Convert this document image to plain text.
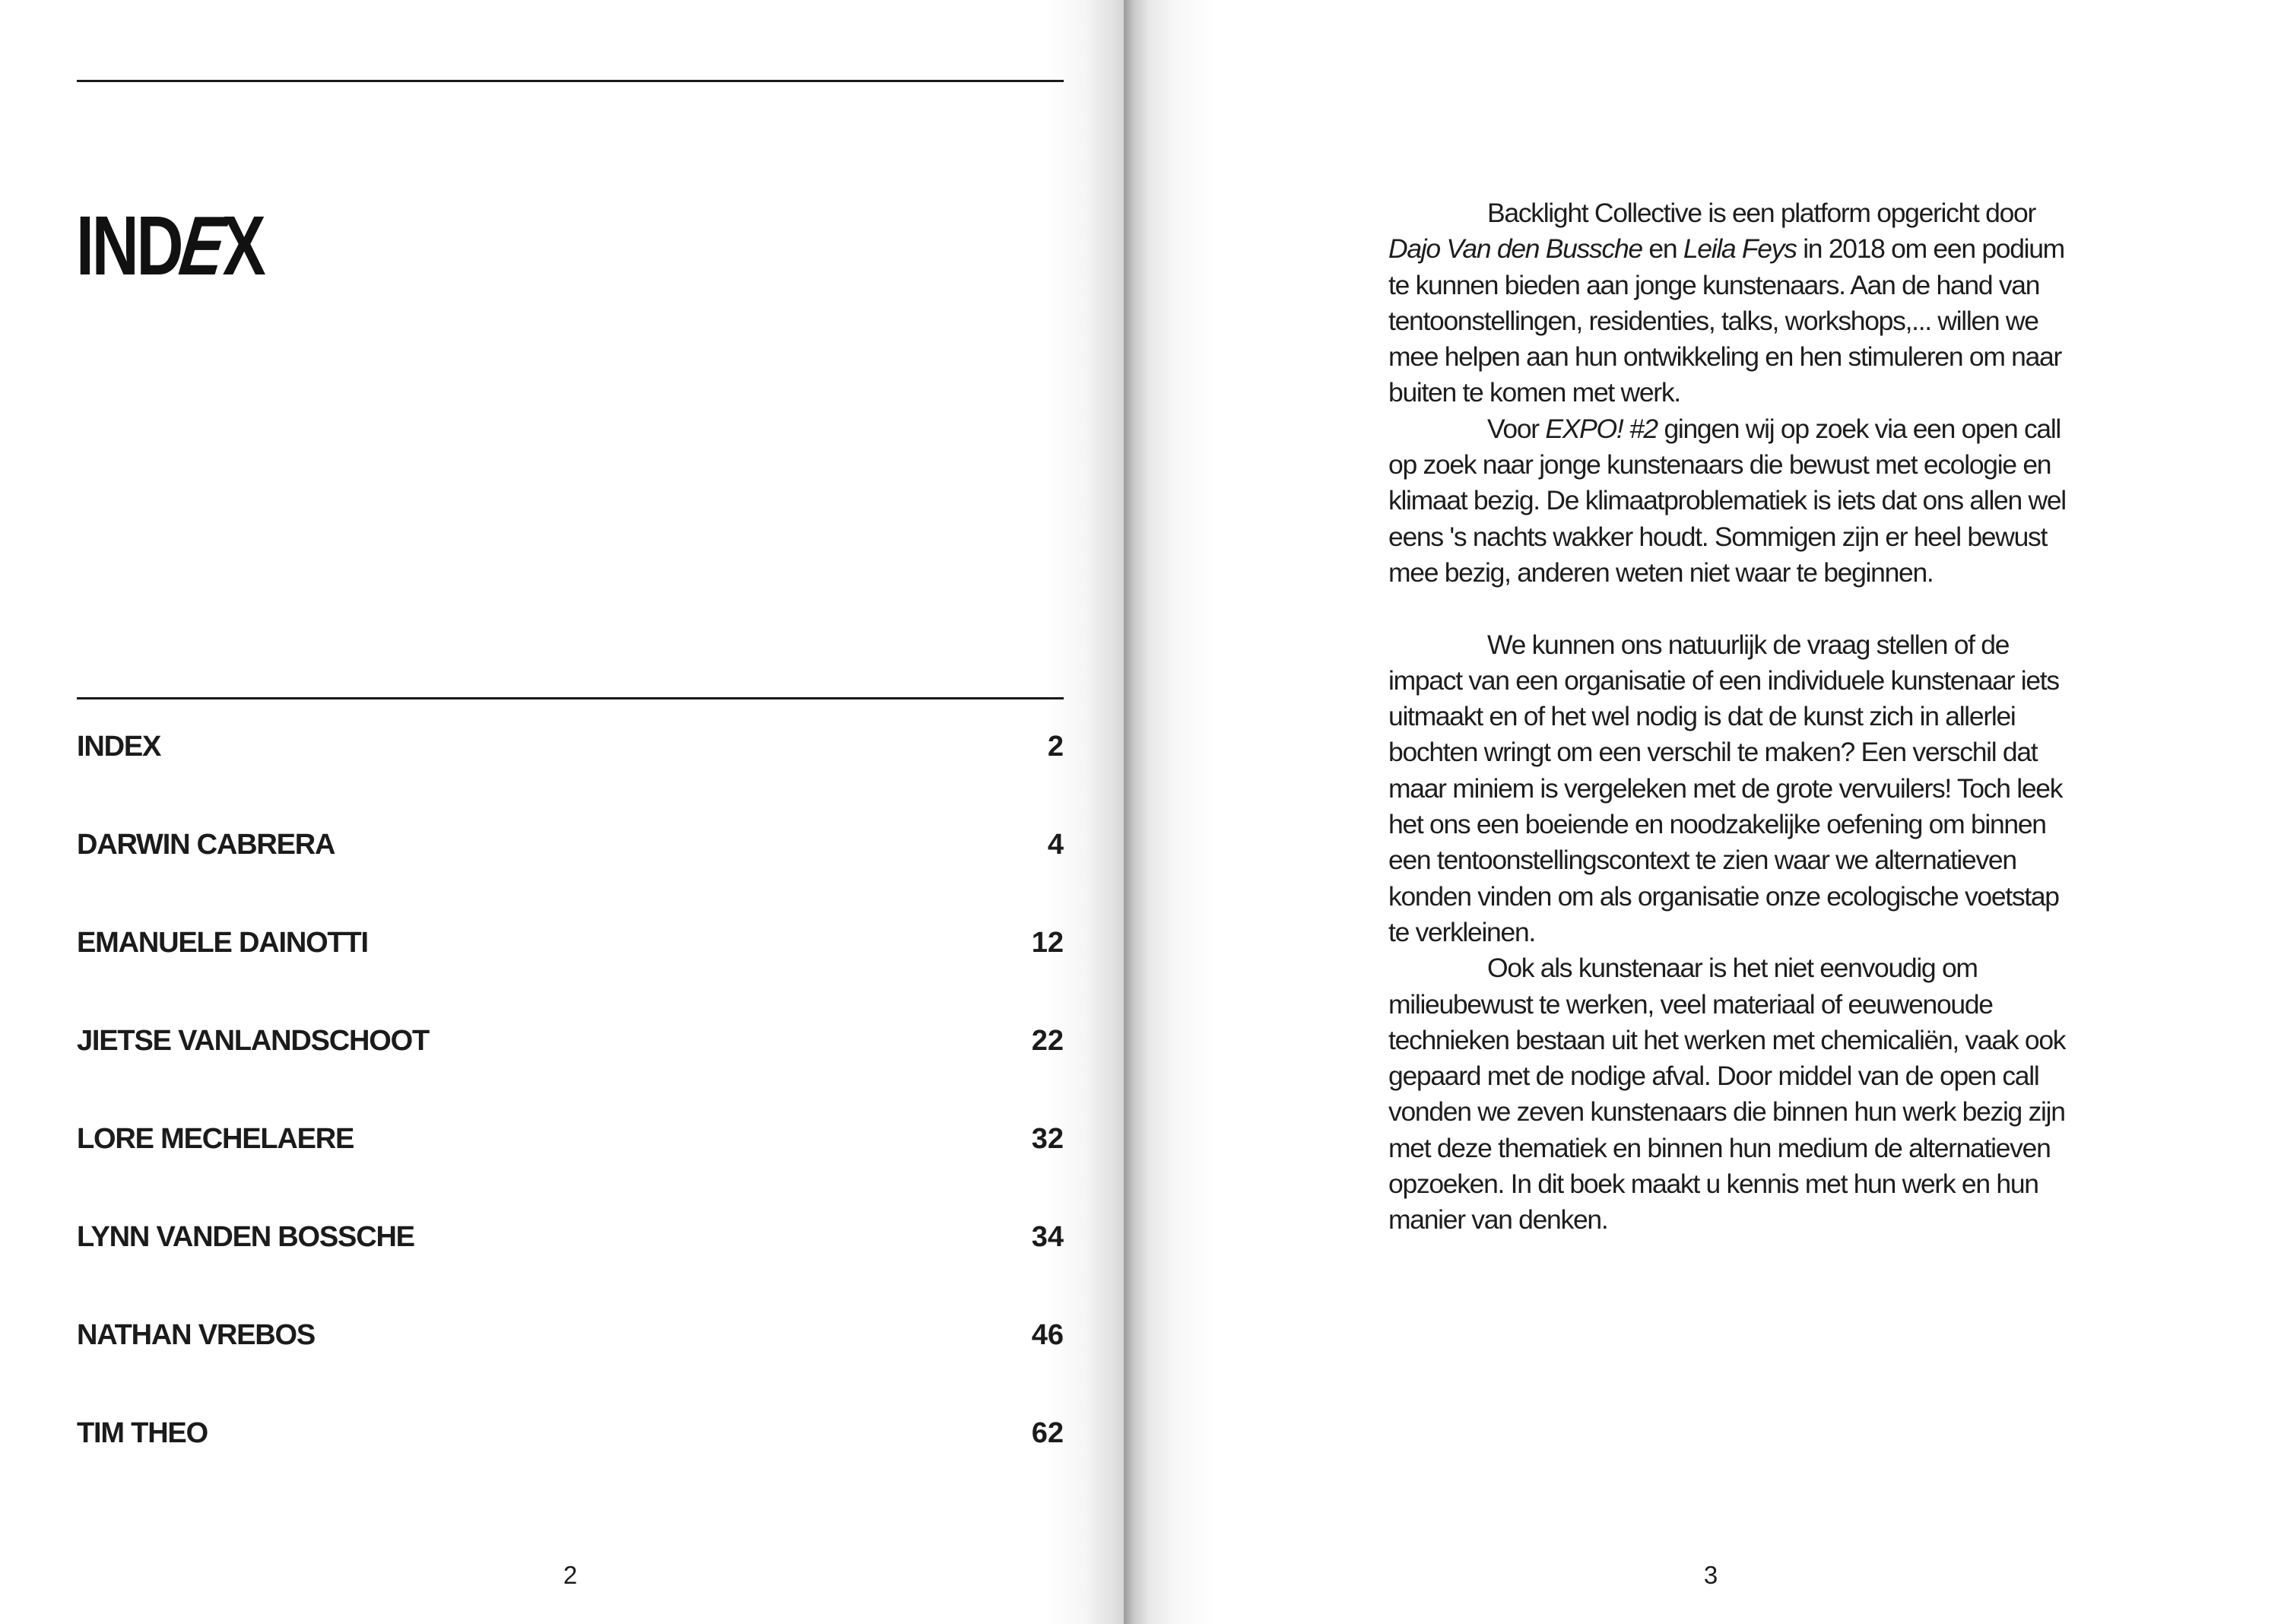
INDEX
INDEX	2
DARWIN CABRERA	4
EMANUELE DAINOTTI	12
JIETSE VANLANDSCHOOT	22
LORE MECHELAERE	32
LYNN VANDEN BOSSCHE	34
NATHAN VREBOS	46
TIM THEO	62
2

Backlight Collective is een platform opgericht door Dajo Van den Bussche en Leila Feys in 2018 om een podium te kunnen bieden aan jonge kunstenaars. Aan de hand van tentoonstellingen, residenties, talks, workshops,... willen we mee helpen aan hun ontwikkeling en hen stimuleren om naar buiten te komen met werk.

Voor EXPO! #2 gingen wij op zoek via een open call op zoek naar jonge kunstenaars die bewust met ecologie en klimaat bezig. De klimaatproblematiek is iets dat ons allen wel eens 's nachts wakker houdt. Sommigen zijn er heel bewust mee bezig, anderen weten niet waar te beginnen.

We kunnen ons natuurlijk de vraag stellen of de impact van een organisatie of een individuele kunstenaar iets uitmaakt en of het wel nodig is dat de kunst zich in allerlei bochten wringt om een verschil te maken? Een verschil dat maar miniem is vergeleken met de grote vervuilers! Toch leek het ons een boeiende en noodzakelijke oefening om binnen een tentoonstellingscontext te zien waar we alternatieven konden vinden om als organisatie onze ecologische voetstap te verkleinen.

Ook als kunstenaar is het niet eenvoudig om milieubewust te werken, veel materiaal of eeuwenoude technieken bestaan uit het werken met chemicaliën, vaak ook gepaard met de nodige afval. Door middel van de open call vonden we zeven kunstenaars die binnen hun werk bezig zijn met deze thematiek en binnen hun medium de alternatieven opzoeken. In dit boek maakt u kennis met hun werk en hun manier van denken.

3
